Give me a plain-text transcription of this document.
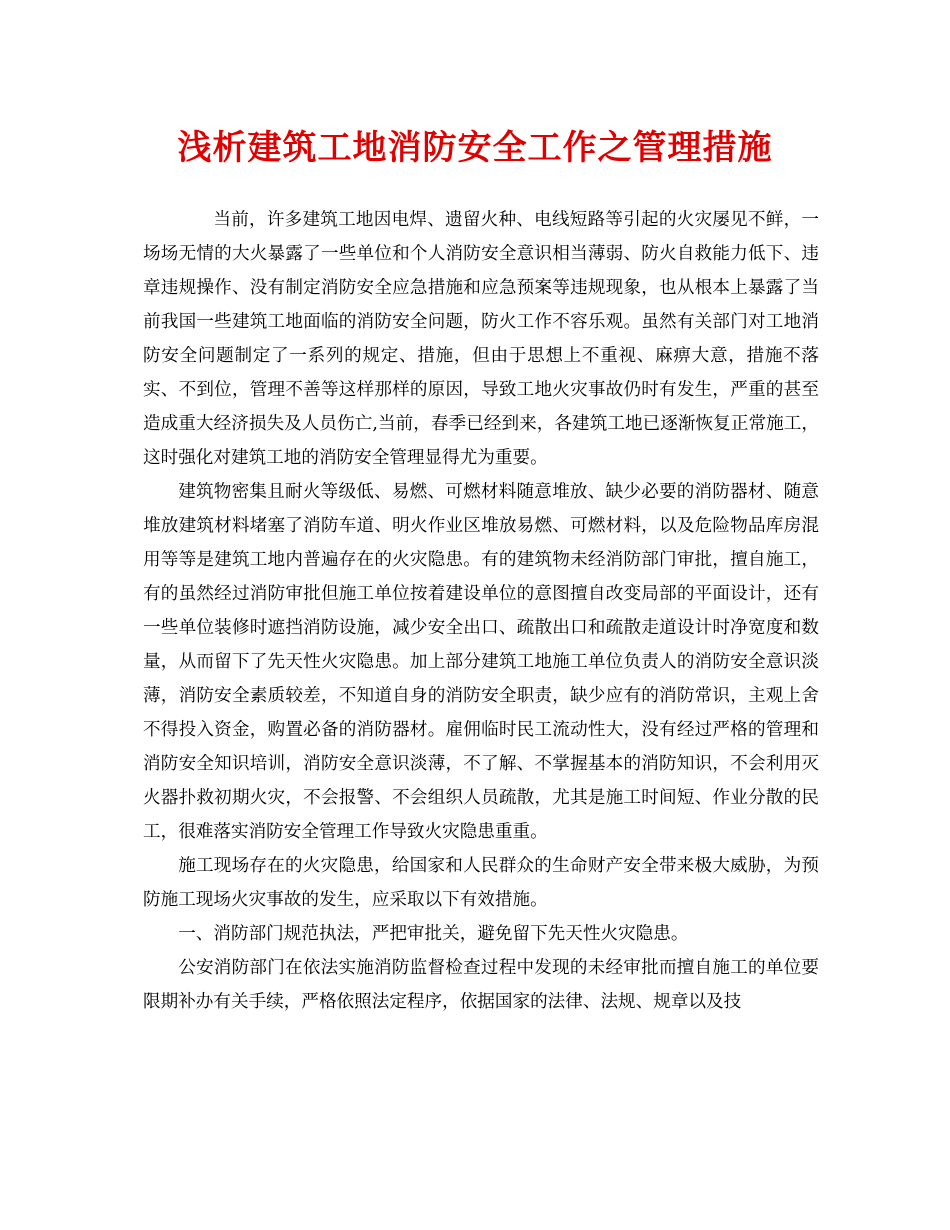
浅析建筑工地消防安全工作之管理措施

当前，许多建筑工地因电焊、遗留火种、电线短路等引起的火灾屡见不鲜，一场场无情的大火暴露了一些单位和个人消防安全意识相当薄弱、防火自救能力低下、违章违规操作、没有制定消防安全应急措施和应急预案等违规现象，也从根本上暴露了当前我国一些建筑工地面临的消防安全问题，防火工作不容乐观。虽然有关部门对工地消防安全问题制定了一系列的规定、措施，但由于思想上不重视、麻痹大意，措施不落实、不到位，管理不善等这样那样的原因，导致工地火灾事故仍时有发生，严重的甚至造成重大经济损失及人员伤亡,当前，春季已经到来，各建筑工地已逐渐恢复正常施工，这时强化对建筑工地的消防安全管理显得尤为重要。

建筑物密集且耐火等级低、易燃、可燃材料随意堆放、缺少必要的消防器材、随意堆放建筑材料堵塞了消防车道、明火作业区堆放易燃、可燃材料，以及危险物品库房混用等等是建筑工地内普遍存在的火灾隐患。有的建筑物未经消防部门审批，擅自施工，有的虽然经过消防审批但施工单位按着建设单位的意图擅自改变局部的平面设计，还有一些单位装修时遮挡消防设施，减少安全出口、疏散出口和疏散走道设计时净宽度和数量，从而留下了先天性火灾隐患。加上部分建筑工地施工单位负责人的消防安全意识淡薄，消防安全素质较差，不知道自身的消防安全职责，缺少应有的消防常识，主观上舍不得投入资金，购置必备的消防器材。雇佣临时民工流动性大，没有经过严格的管理和消防安全知识培训，消防安全意识淡薄，不了解、不掌握基本的消防知识，不会利用灭火器扑救初期火灾，不会报警、不会组织人员疏散，尤其是施工时间短、作业分散的民工，很难落实消防安全管理工作导致火灾隐患重重。

施工现场存在的火灾隐患，给国家和人民群众的生命财产安全带来极大威胁，为预防施工现场火灾事故的发生，应采取以下有效措施。

一、消防部门规范执法，严把审批关，避免留下先天性火灾隐患。

公安消防部门在依法实施消防监督检查过程中发现的未经审批而擅自施工的单位要限期补办有关手续，严格依照法定程序，依据国家的法律、法规、规章以及技
